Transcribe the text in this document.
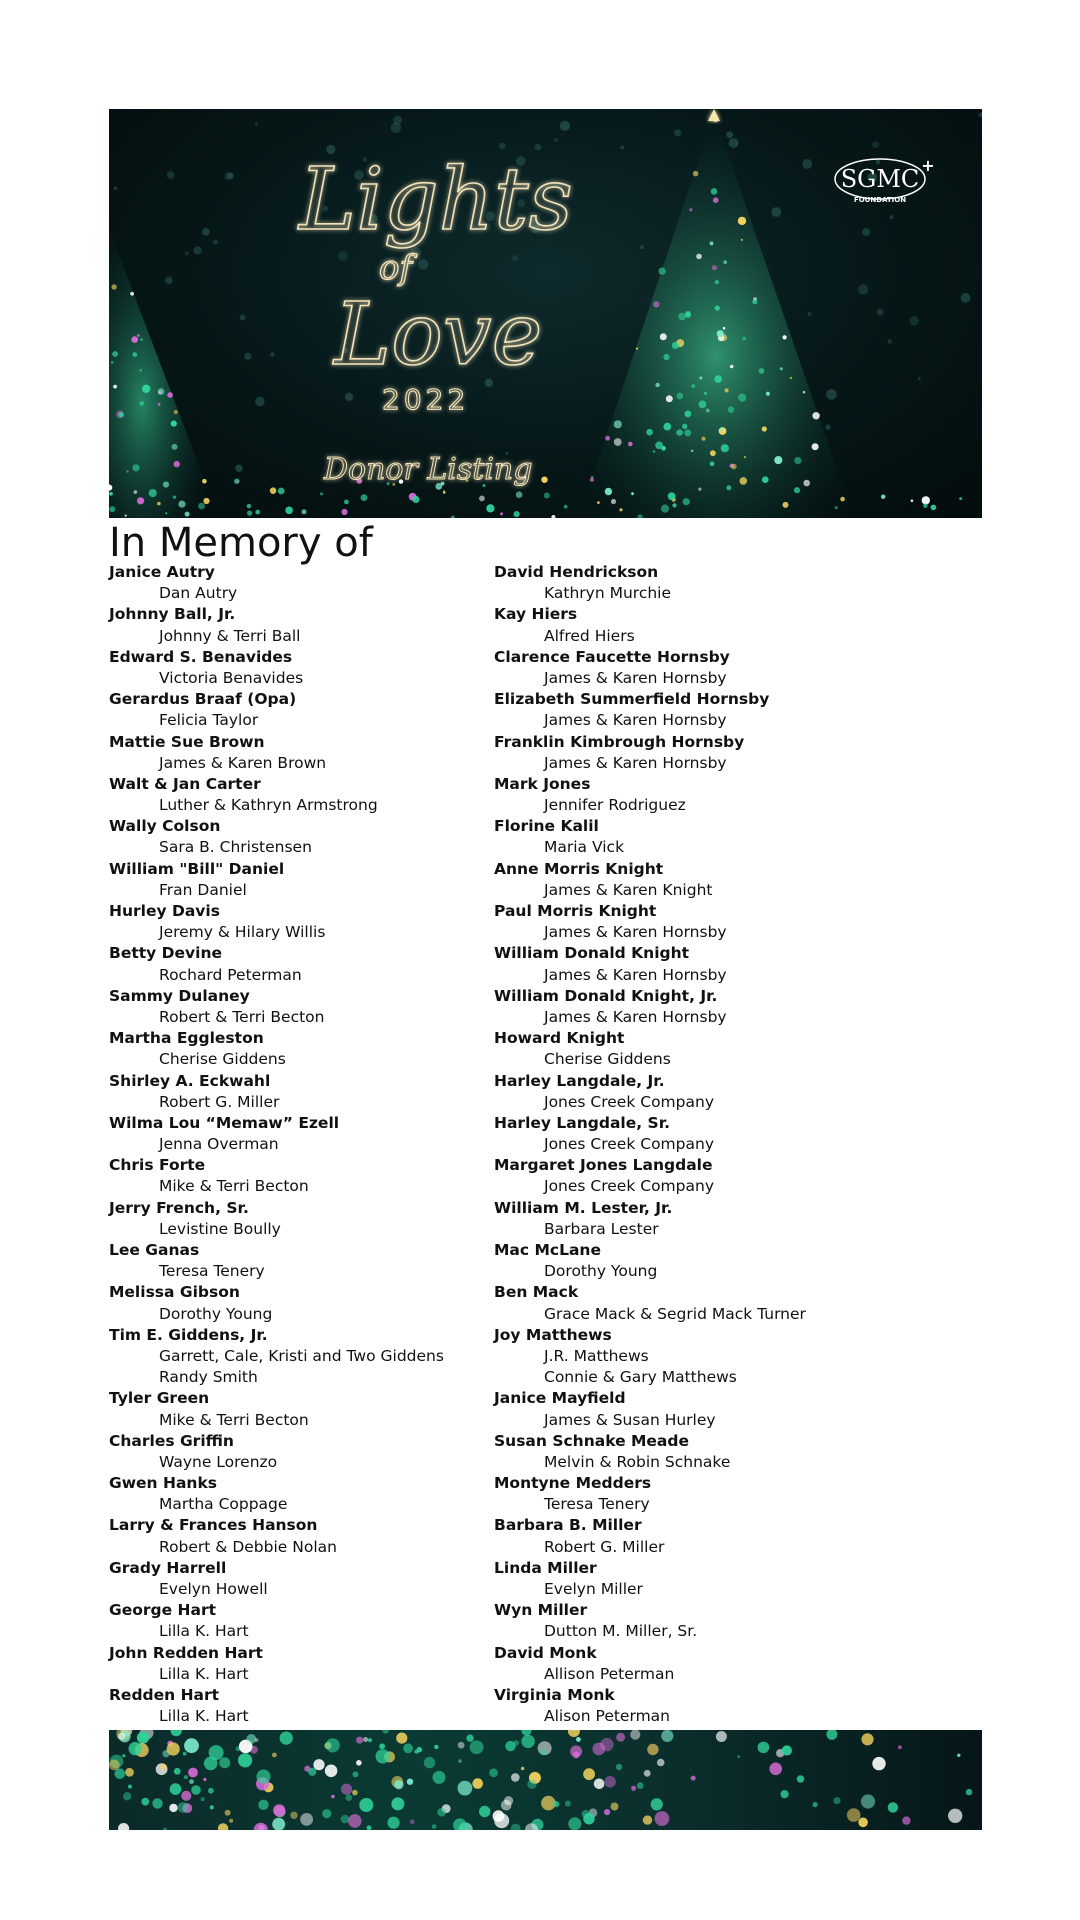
Lights
of
Love
2022
Donor Listing
SGMC
FOUNDATION
+
In Memory of
Janice Autry
Dan Autry
Johnny Ball, Jr.
Johnny & Terri Ball
Edward S. Benavides
Victoria Benavides
Gerardus Braaf (Opa)
Felicia Taylor
Mattie Sue Brown
James & Karen Brown
Walt & Jan Carter
Luther & Kathryn Armstrong
Wally Colson
Sara B. Christensen
William "Bill" Daniel
Fran Daniel
Hurley Davis
Jeremy & Hilary Willis
Betty Devine
Rochard Peterman
Sammy Dulaney
Robert & Terri Becton
Martha Eggleston
Cherise Giddens
Shirley A. Eckwahl
Robert G. Miller
Wilma Lou “Memaw” Ezell
Jenna Overman
Chris Forte
Mike & Terri Becton
Jerry French, Sr.
Levistine Boully
Lee Ganas
Teresa Tenery
Melissa Gibson
Dorothy Young
Tim E. Giddens, Jr.
Garrett, Cale, Kristi and Two Giddens
Randy Smith
Tyler Green
Mike & Terri Becton
Charles Griffin
Wayne Lorenzo
Gwen Hanks
Martha Coppage
Larry & Frances Hanson
Robert & Debbie Nolan
Grady Harrell
Evelyn Howell
George Hart
Lilla K. Hart
John Redden Hart
Lilla K. Hart
Redden Hart
Lilla K. Hart
David Hendrickson
Kathryn Murchie
Kay Hiers
Alfred Hiers
Clarence Faucette Hornsby
James & Karen Hornsby
Elizabeth Summerfield Hornsby
James & Karen Hornsby
Franklin Kimbrough Hornsby
James & Karen Hornsby
Mark Jones
Jennifer Rodriguez
Florine Kalil
Maria Vick
Anne Morris Knight
James & Karen Knight
Paul Morris Knight
James & Karen Hornsby
William Donald Knight
James & Karen Hornsby
William Donald Knight, Jr.
James & Karen Hornsby
Howard Knight
Cherise Giddens
Harley Langdale, Jr.
Jones Creek Company
Harley Langdale, Sr.
Jones Creek Company
Margaret Jones Langdale
Jones Creek Company
William M. Lester, Jr.
Barbara Lester
Mac McLane
Dorothy Young
Ben Mack
Grace Mack & Segrid Mack Turner
Joy Matthews
J.R. Matthews
Connie & Gary Matthews
Janice Mayfield
James & Susan Hurley
Susan Schnake Meade
Melvin & Robin Schnake
Montyne Medders
Teresa Tenery
Barbara B. Miller
Robert G. Miller
Linda Miller
Evelyn Miller
Wyn Miller
Dutton M. Miller, Sr.
David Monk
Allison Peterman
Virginia Monk
Alison Peterman
